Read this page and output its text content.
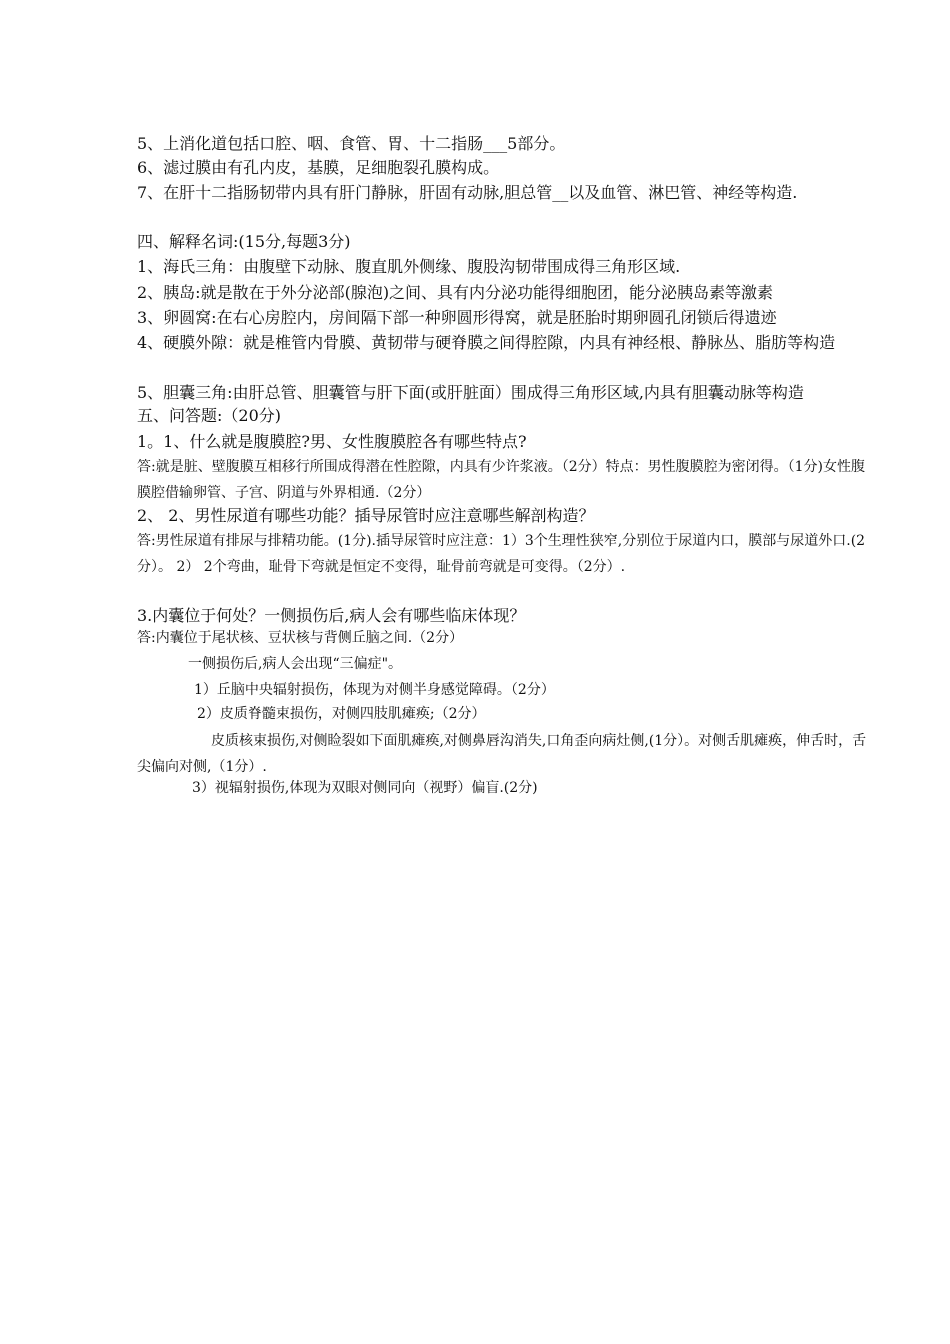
5、上消化道包括口腔、咽、食管、胃、十二指肠___5部分。
6、滤过膜由有孔内皮，基膜，足细胞裂孔膜构成。
7、在肝十二指肠韧带内具有肝门静脉，肝固有动脉,胆总管__以及血管、淋巴管、神经等构造.
四、解释名词:(15分,每题3分)
1、海氏三角：由腹壁下动脉、腹直肌外侧缘、腹股沟韧带围成得三角形区域.
2、胰岛:就是散在于外分泌部(腺泡)之间、具有内分泌功能得细胞团，能分泌胰岛素等激素
3、卵圆窝:在右心房腔内，房间隔下部一种卵圆形得窝，就是胚胎时期卵圆孔闭锁后得遗迹
4、硬膜外隙：就是椎管内骨膜、黄韧带与硬脊膜之间得腔隙，内具有神经根、静脉丛、脂肪等构造
5、胆囊三角:由肝总管、胆囊管与肝下面(或肝脏面）围成得三角形区域,内具有胆囊动脉等构造
五、问答题:（20分)
1。1、什么就是腹膜腔?男、女性腹膜腔各有哪些特点?
答:就是脏、壁腹膜互相移行所围成得潜在性腔隙，内具有少许浆液。（2分）特点：男性腹膜腔为密闭得。（1分)女性腹膜腔借输卵管、子宫、阴道与外界相通.（2分）
2、 2、男性尿道有哪些功能？插导尿管时应注意哪些解剖构造？
答:男性尿道有排尿与排精功能。(1分).插导尿管时应注意：1）3个生理性狭窄,分别位于尿道内口，膜部与尿道外口.(2分）。 2） 2个弯曲，耻骨下弯就是恒定不变得，耻骨前弯就是可变得。（2分）.
3.内囊位于何处？一侧损伤后,病人会有哪些临床体现？
答:内囊位于尾状核、豆状核与背侧丘脑之间.（2分）
一侧损伤后,病人会出现“三偏症"。
1）丘脑中央辐射损伤，体现为对侧半身感觉障碍。（2分）
2）皮质脊髓束损伤，对侧四肢肌瘫痪;（2分）
皮质核束损伤,对侧睑裂如下面肌瘫痪,对侧鼻唇沟消失,口角歪向病灶侧,(1分）。对侧舌肌瘫痪，伸舌时，舌尖偏向对侧,（1分）.
3）视辐射损伤,体现为双眼对侧同向（视野）偏盲.(2分)
